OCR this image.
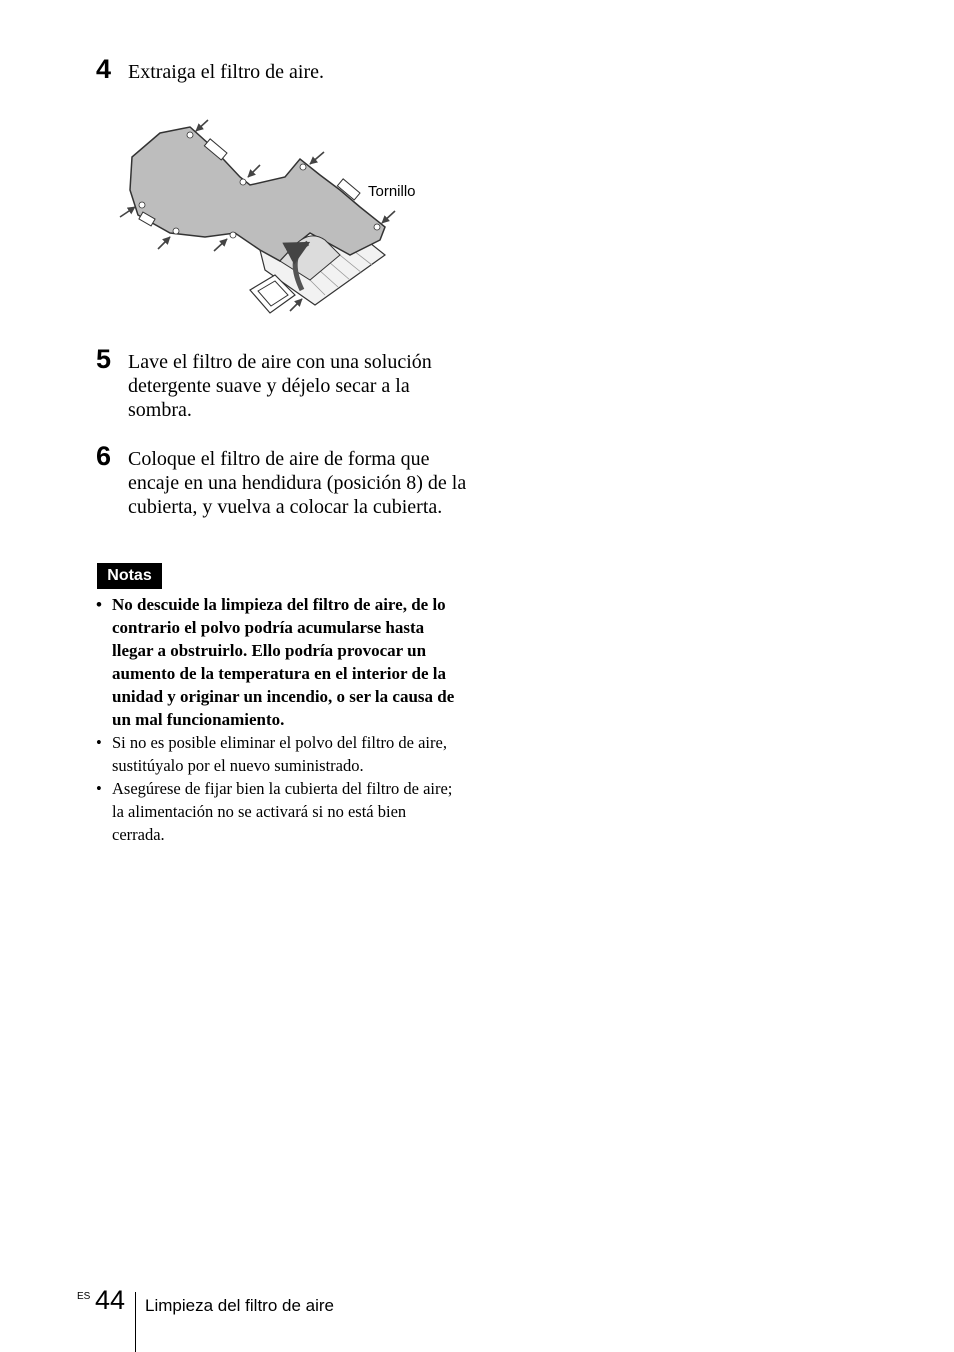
4 Extraiga el filtro de aire.
Tornillo
5 Lave el filtro de aire con una solución detergente suave y déjelo secar a la sombra.
6 Coloque el filtro de aire de forma que encaje en una hendidura (posición 8) de la cubierta, y vuelva a colocar la cubierta.
Notas
• No descuide la limpieza del filtro de aire, de lo contrario el polvo podría acumularse hasta llegar a obstruirlo. Ello podría provocar un aumento de la temperatura en el interior de la unidad y originar un incendio, o ser la causa de un mal funcionamiento.
• Si no es posible eliminar el polvo del filtro de aire, sustitúyalo por el nuevo suministrado.
• Asegúrese de fijar bien la cubierta del filtro de aire; la alimentación no se activará si no está bien cerrada.
ES 44 Limpieza del filtro de aire
